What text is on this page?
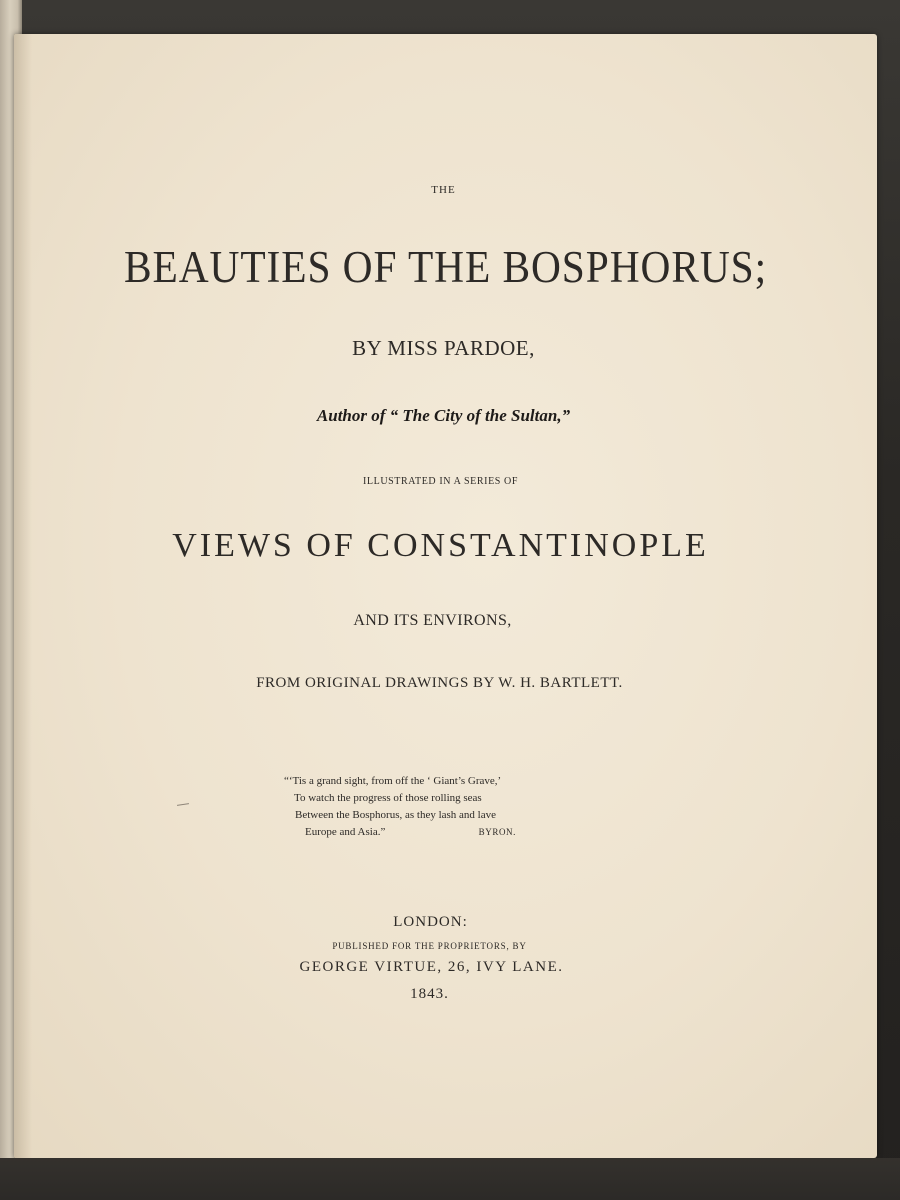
THE
BEAUTIES OF THE BOSPHORUS;
BY MISS PARDOE,
Author of “ The City of the Sultan,”
ILLUSTRATED IN A SERIES OF
VIEWS OF CONSTANTINOPLE
AND ITS ENVIRONS,
FROM ORIGINAL DRAWINGS BY W. H. BARTLETT.
“‘Tis a grand sight, from off the ‘ Giant’s Grave,’
To watch the progress of those rolling seas
Between the Bosphorus, as they lash and lave
Europe and Asia.”	BYRON.
LONDON:
PUBLISHED FOR THE PROPRIETORS, BY
GEORGE VIRTUE, 26, IVY LANE.
1843.
